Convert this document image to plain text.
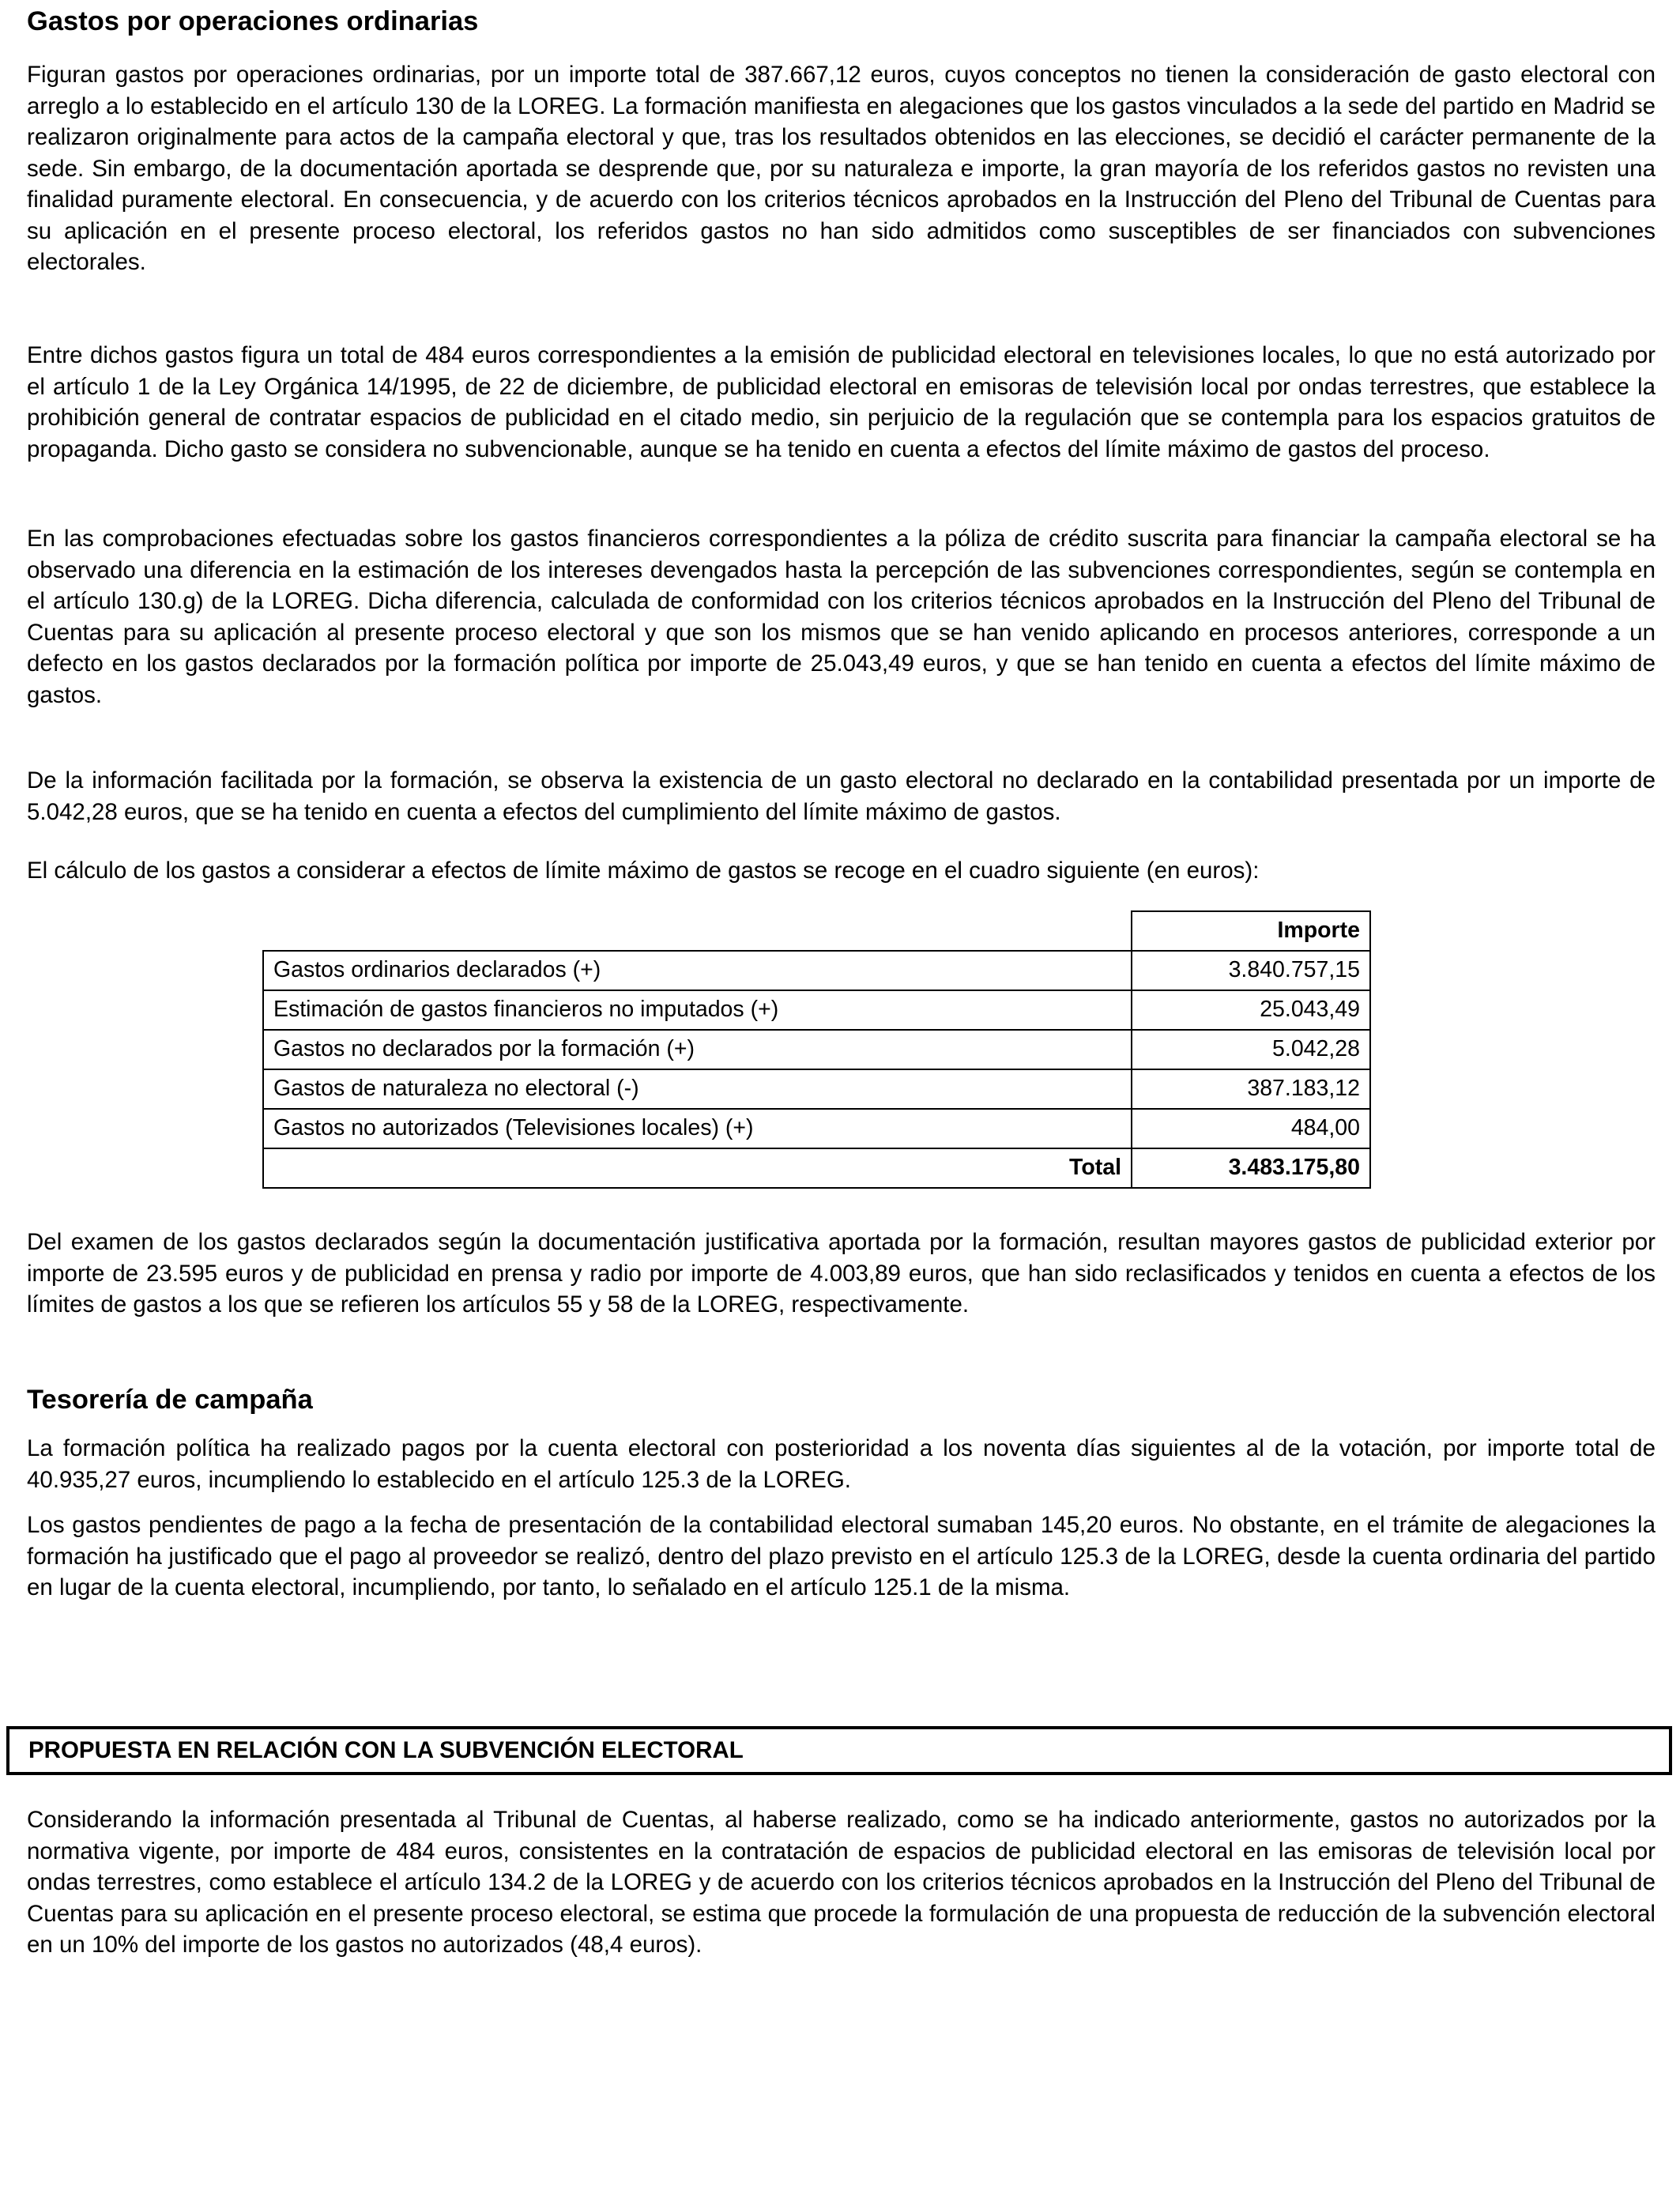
Gastos por operaciones ordinarias

Figuran gastos por operaciones ordinarias, por un importe total de 387.667,12 euros, cuyos conceptos no tienen la consideración de gasto electoral con arreglo a lo establecido en el artículo 130 de la LOREG. La formación manifiesta en alegaciones que los gastos vinculados a la sede del partido en Madrid se realizaron originalmente para actos de la campaña electoral y que, tras los resultados obtenidos en las elecciones, se decidió el carácter permanente de la sede. Sin embargo, de la documentación aportada se desprende que, por su naturaleza e importe, la gran mayoría de los referidos gastos no revisten una finalidad puramente electoral. En consecuencia, y de acuerdo con los criterios técnicos aprobados en la Instrucción del Pleno del Tribunal de Cuentas para su aplicación en el presente proceso electoral, los referidos gastos no han sido admitidos como susceptibles de ser financiados con subvenciones electorales.

Entre dichos gastos figura un total de 484 euros correspondientes a la emisión de publicidad electoral en televisiones locales, lo que no está autorizado por el artículo 1 de la Ley Orgánica 14/1995, de 22 de diciembre, de publicidad electoral en emisoras de televisión local por ondas terrestres, que establece la prohibición general de contratar espacios de publicidad en el citado medio, sin perjuicio de la regulación que se contempla para los espacios gratuitos de propaganda. Dicho gasto se considera no subvencionable, aunque se ha tenido en cuenta a efectos del límite máximo de gastos del proceso.

En las comprobaciones efectuadas sobre los gastos financieros correspondientes a la póliza de crédito suscrita para financiar la campaña electoral se ha observado una diferencia en la estimación de los intereses devengados hasta la percepción de las subvenciones correspondientes, según se contempla en el artículo 130.g) de la LOREG. Dicha diferencia, calculada de conformidad con los criterios técnicos aprobados en la Instrucción del Pleno del Tribunal de Cuentas para su aplicación al presente proceso electoral y que son los mismos que se han venido aplicando en procesos anteriores, corresponde a un defecto en los gastos declarados por la formación política por importe de 25.043,49 euros, y que se han tenido en cuenta a efectos del límite máximo de gastos.

De la información facilitada por la formación, se observa la existencia de un gasto electoral no declarado en la contabilidad presentada por un importe de 5.042,28 euros, que se ha tenido en cuenta a efectos del cumplimiento del límite máximo de gastos.

El cálculo de los gastos a considerar a efectos de límite máximo de gastos se recoge en el cuadro siguiente (en euros):

	Importe
Gastos ordinarios declarados (+)	3.840.757,15
Estimación de gastos financieros no imputados (+)	25.043,49
Gastos no declarados por la formación (+)	5.042,28
Gastos de naturaleza no electoral (-)	387.183,12
Gastos no autorizados (Televisiones locales) (+)	484,00
Total	3.483.175,80

Del examen de los gastos declarados según la documentación justificativa aportada por la formación, resultan mayores gastos de publicidad exterior por importe de 23.595 euros y de publicidad en prensa y radio por importe de 4.003,89 euros, que han sido reclasificados y tenidos en cuenta a efectos de los límites de gastos a los que se refieren los artículos 55 y 58 de la LOREG, respectivamente.

Tesorería de campaña

La formación política ha realizado pagos por la cuenta electoral con posterioridad a los noventa días siguientes al de la votación, por importe total de 40.935,27 euros, incumpliendo lo establecido en el artículo 125.3 de la LOREG.

Los gastos pendientes de pago a la fecha de presentación de la contabilidad electoral sumaban 145,20 euros. No obstante, en el trámite de alegaciones la formación ha justificado que el pago al proveedor se realizó, dentro del plazo previsto en el artículo 125.3 de la LOREG, desde la cuenta ordinaria del partido en lugar de la cuenta electoral, incumpliendo, por tanto, lo señalado en el artículo 125.1 de la misma.

Considerando la información presentada al Tribunal de Cuentas, al haberse realizado, como se ha indicado anteriormente, gastos no autorizados por la normativa vigente, por importe de 484 euros, consistentes en la contratación de espacios de publicidad electoral en las emisoras de televisión local por ondas terrestres, como establece el artículo 134.2 de la LOREG y de acuerdo con los criterios técnicos aprobados en la Instrucción del Pleno del Tribunal de Cuentas para su aplicación en el presente proceso electoral, se estima que procede la formulación de una propuesta de reducción de la subvención electoral en un 10% del importe de los gastos no autorizados (48,4 euros).

PROPUESTA EN RELACIÓN CON LA SUBVENCIÓN ELECTORAL
